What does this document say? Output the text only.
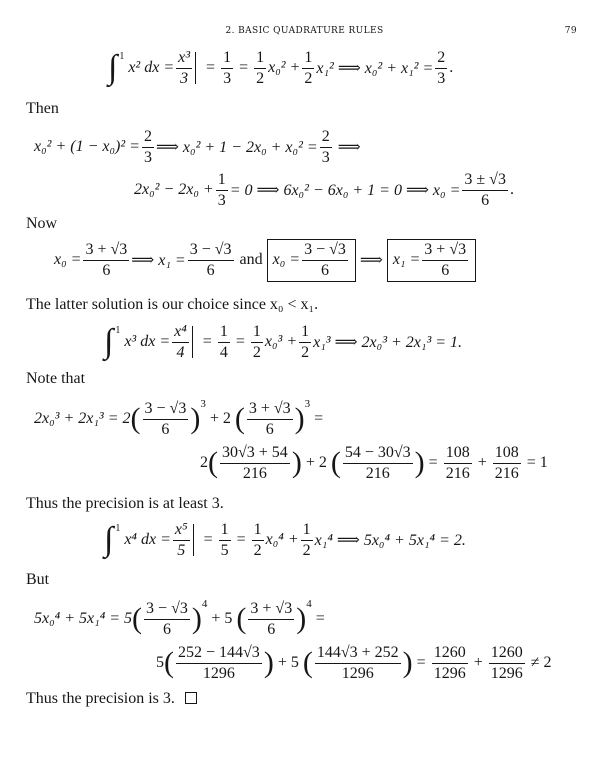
2. BASIC QUADRATURE RULES	79
∫ 1
x² dx = $\frac{\text{x³}}{3} = \frac{1}{3} = \frac{1}{2} x_0^2 + \frac{1}{2} x_1^2$ ⟹ $x_0^2 + x_1^2 = \frac{2}{3}$ .
Then
$x_0^2 + (1 - x_0)^2 = \frac{2}{3}$ ⟹ $x_0^2 + 1 - 2x_0 + x_0^2 = \frac{2}{3}$ ⟹
$2x_0^2 - 2x_0 + \frac{1}{3} = 0$ ⟹ 6x₀² − 6x₀ + 1 = 0 ⟹ $x_0 = \frac{3 \pm √3}{6}$ .
Now
$x_0 = \frac{3 + √3}{6}$ ⟹ $x_1 = \frac{3 - √3}{6}$ and $x_0 = \frac{3 - √3}{6}$ ⟹ $x_1 = \frac{3 + √3}{6}$
The latter solution is our choice since x₀ < x₁.
∫ 1
x³ dx = $\frac{\text{x⁴}}{4} = \frac{1}{4} = \frac{1}{2} x_0^3 + \frac{1}{2} x_1^3$ ⟹ 2x₀³ + 2x₁³ = 1.
Note that
2x₀³ + 2x₁³ = 2 ( $\frac{3 - √3}{6} )^3$
+ 2 ( $\frac{3 + √3}{6} )^3$
=
2 ( $\frac{30√3 + 54}{216}$ ) + 2 ( $\frac{54 - 30√3}{216}$ ) = $\frac{108}{216} + \frac{108}{216} = 1$
Thus the precision is at least 3.
∫ 1
x⁴ dx = $\frac{\text{x⁵}}{5} = \frac{1}{5} = \frac{1}{2} x_0^4 + \frac{1}{2} x_1^4$ ⟹ 5x₀⁴ + 5x₁⁴ = 2.
But
5x₀⁴ + 5x₁⁴ = 5 ( $\frac{3 - √3}{6} )^4$
+ 5 ( $\frac{3 + √3}{6} )^4$
=
5 ( $\frac{252 - 144√3}{1296}$ ) + 5 ( $\frac{144√3 + 252}{1296}$ ) = $\frac{1260}{1296} + \frac{1260}{1296} \ne 2$
Thus the precision is 3.
